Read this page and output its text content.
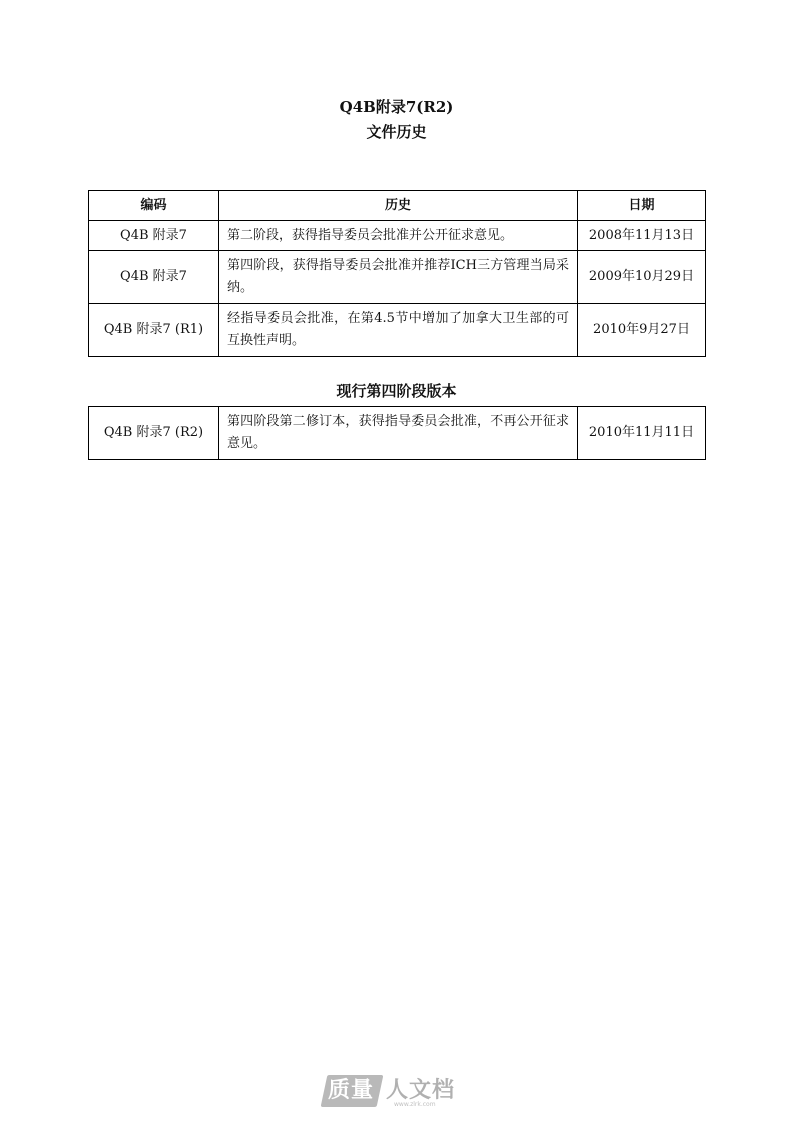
Q4B附录7(R2)
文件历史
编码	历史	日期
Q4B 附录7	第二阶段，获得指导委员会批准并公开征求意见。	2008年11月13日
Q4B 附录7	第四阶段，获得指导委员会批准并推荐ICH三方管理当局采纳。	2009年10月29日
Q4B 附录7 (R1)	经指导委员会批准，在第4.5节中增加了加拿大卫生部的可互换性声明。	2010年9月27日
现行第四阶段版本
Q4B 附录7 (R2)	第四阶段第二修订本，获得指导委员会批准，不再公开征求意见。	2010年11月11日
质量 人文档
www.zlrk.com
